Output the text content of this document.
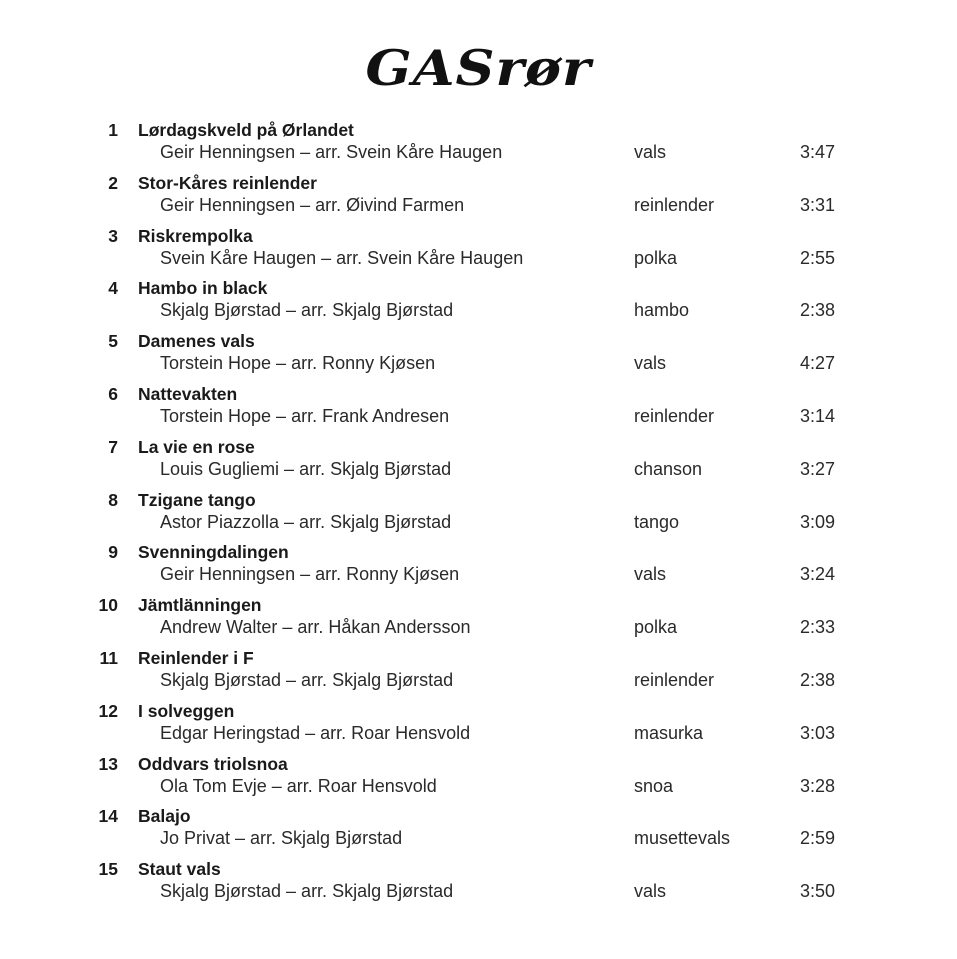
GASrør
1 Lørdagskveld på Ørlandet
Geir Henningsen – arr. Svein Kåre Haugen	vals	3:47
2 Stor-Kåres reinlender
Geir Henningsen – arr. Øivind Farmen	reinlender	3:31
3 Riskrempolka
Svein Kåre Haugen – arr. Svein Kåre Haugen	polka	2:55
4 Hambo in black
Skjalg Bjørstad – arr. Skjalg Bjørstad	hambo	2:38
5 Damenes vals
Torstein Hope – arr. Ronny Kjøsen	vals	4:27
6 Nattevakten
Torstein Hope – arr. Frank Andresen	reinlender	3:14
7 La vie en rose
Louis Gugliemi – arr. Skjalg Bjørstad	chanson	3:27
8 Tzigane tango
Astor Piazzolla – arr. Skjalg Bjørstad	tango	3:09
9 Svenningdalingen
Geir Henningsen – arr. Ronny Kjøsen	vals	3:24
10 Jämtlänningen
Andrew Walter – arr. Håkan Andersson	polka	2:33
11 Reinlender i F
Skjalg Bjørstad – arr. Skjalg Bjørstad	reinlender	2:38
12 I solveggen
Edgar Heringstad – arr. Roar Hensvold	masurka	3:03
13 Oddvars triolsnoa
Ola Tom Evje – arr. Roar Hensvold	snoa	3:28
14 Balajo
Jo Privat – arr. Skjalg Bjørstad	musettevals	2:59
15 Staut vals
Skjalg Bjørstad – arr. Skjalg Bjørstad	vals	3:50
